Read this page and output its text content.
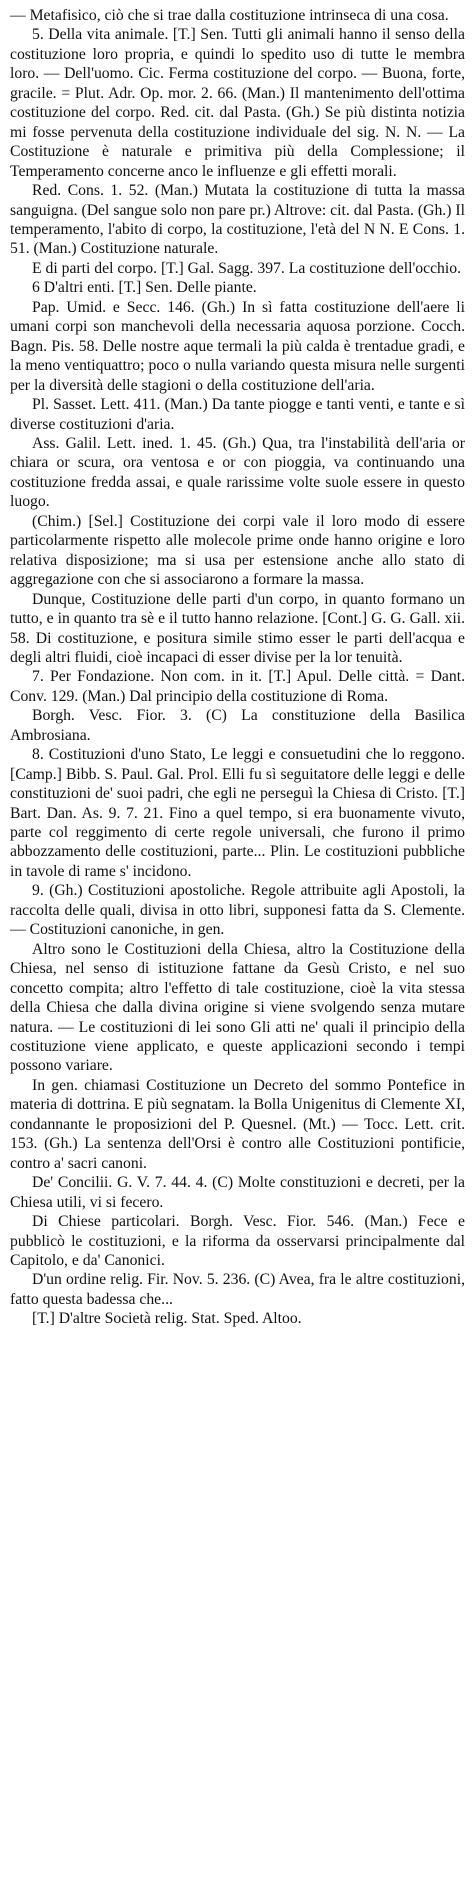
— Metafisico, ciò che si trae dalla costituzione intrinseca di una cosa.

5. Della vita animale. [T.] Sen. Tutti gli animali hanno il senso della costituzione loro propria, e quindi lo spedito uso di tutte le membra loro. — Dell'uomo. Cic. Ferma costituzione del corpo. — Buona, forte, gracile. = Plut. Adr. Op. mor. 2. 66. (Man.) Il mantenimento dell'ottima costituzione del corpo. Red. cit. dal Pasta. (Gh.) Se più distinta notizia mi fosse pervenuta della costituzione individuale del sig. N. N. — La Costituzione è naturale e primitiva più della Complessione; il Temperamento concerne anco le influenze e gli effetti morali.

Red. Cons. 1. 52. (Man.) Mutata la costituzione di tutta la massa sanguigna. (Del sangue solo non pare pr.) Altrove: cit. dal Pasta. (Gh.) Il temperamento, l'abito di corpo, la costituzione, l'età del N N. E Cons. 1. 51. (Man.) Costituzione naturale.

E di parti del corpo. [T.] Gal. Sagg. 397. La costituzione dell'occhio.

6 D'altri enti. [T.] Sen. Delle piante.

Pap. Umid. e Secc. 146. (Gh.) In sì fatta costituzione dell'aere li umani corpi son manchevoli della necessaria aquosa porzione. Cocch. Bagn. Pis. 58. Delle nostre aque termali la più calda è trentadue gradi, e la meno ventiquattro; poco o nulla variando questa misura nelle surgenti per la diversità delle stagioni o della costituzione dell'aria.

Pl. Sasset. Lett. 411. (Man.) Da tante piogge e tanti venti, e tante e sì diverse costituzioni d'aria.

Ass. Galil. Lett. ined. 1. 45. (Gh.) Qua, tra l'instabilità dell'aria or chiara or scura, ora ventosa e or con pioggia, va continuando una costituzione fredda assai, e quale rarissime volte suole essere in questo luogo.

(Chim.) [Sel.] Costituzione dei corpi vale il loro modo di essere particolarmente rispetto alle molecole prime onde hanno origine e loro relativa disposizione; ma si usa per estensione anche allo stato di aggregazione con che si associarono a formare la massa.

Dunque, Costituzione delle parti d'un corpo, in quanto formano un tutto, e in quanto tra sè e il tutto hanno relazione. [Cont.] G. G. Gall. xii. 58. Di costituzione, e positura simile stimo esser le parti dell'acqua e degli altri fluidi, cioè incapaci di esser divise per la lor tenuità.

7. Per Fondazione. Non com. in it. [T.] Apul. Delle città. = Dant. Conv. 129. (Man.) Dal principio della costituzione di Roma.

Borgh. Vesc. Fior. 3. (C) La constituzione della Basilica Ambrosiana.

8. Costituzioni d'uno Stato, Le leggi e consuetudini che lo reggono. [Camp.] Bibb. S. Paul. Gal. Prol. Elli fu sì seguitatore delle leggi e delle constituzioni de' suoi padri, che egli ne perseguì la Chiesa di Cristo. [T.] Bart. Dan. As. 9. 7. 21. Fino a quel tempo, si era buonamente vivuto, parte col reggimento di certe regole universali, che furono il primo abbozzamento delle costituzioni, parte... Plin. Le costituzioni pubbliche in tavole di rame s' incidono.

9. (Gh.) Costituzioni apostoliche. Regole attribuite agli Apostoli, la raccolta delle quali, divisa in otto libri, supponesi fatta da S. Clemente. — Costituzioni canoniche, in gen.

Altro sono le Costituzioni della Chiesa, altro la Costituzione della Chiesa, nel senso di istituzione fattane da Gesù Cristo, e nel suo concetto compita; altro l'effetto di tale costituzione, cioè la vita stessa della Chiesa che dalla divina origine si viene svolgendo senza mutare natura. — Le costituzioni di lei sono Gli atti ne' quali il principio della costituzione viene applicato, e queste applicazioni secondo i tempi possono variare.

In gen. chiamasi Costituzione un Decreto del sommo Pontefice in materia di dottrina. E più segnatam. la Bolla Unigenitus di Clemente XI, condannante le proposizioni del P. Quesnel. (Mt.) — Tocc. Lett. crit. 153. (Gh.) La sentenza dell'Orsi è contro alle Costituzioni pontificie, contro a' sacri canoni.

De' Concilii. G. V. 7. 44. 4. (C) Molte constituzioni e decreti, per la Chiesa utili, vi si fecero.

Di Chiese particolari. Borgh. Vesc. Fior. 546. (Man.) Fece e pubblicò le costituzioni, e la riforma da osservarsi principalmente dal Capitolo, e da' Canonici.

D'un ordine relig. Fir. Nov. 5. 236. (C) Avea, fra le altre costituzioni, fatto questa badessa che...

[T.] D'altre Società relig. Stat. Sped. Altoo.
